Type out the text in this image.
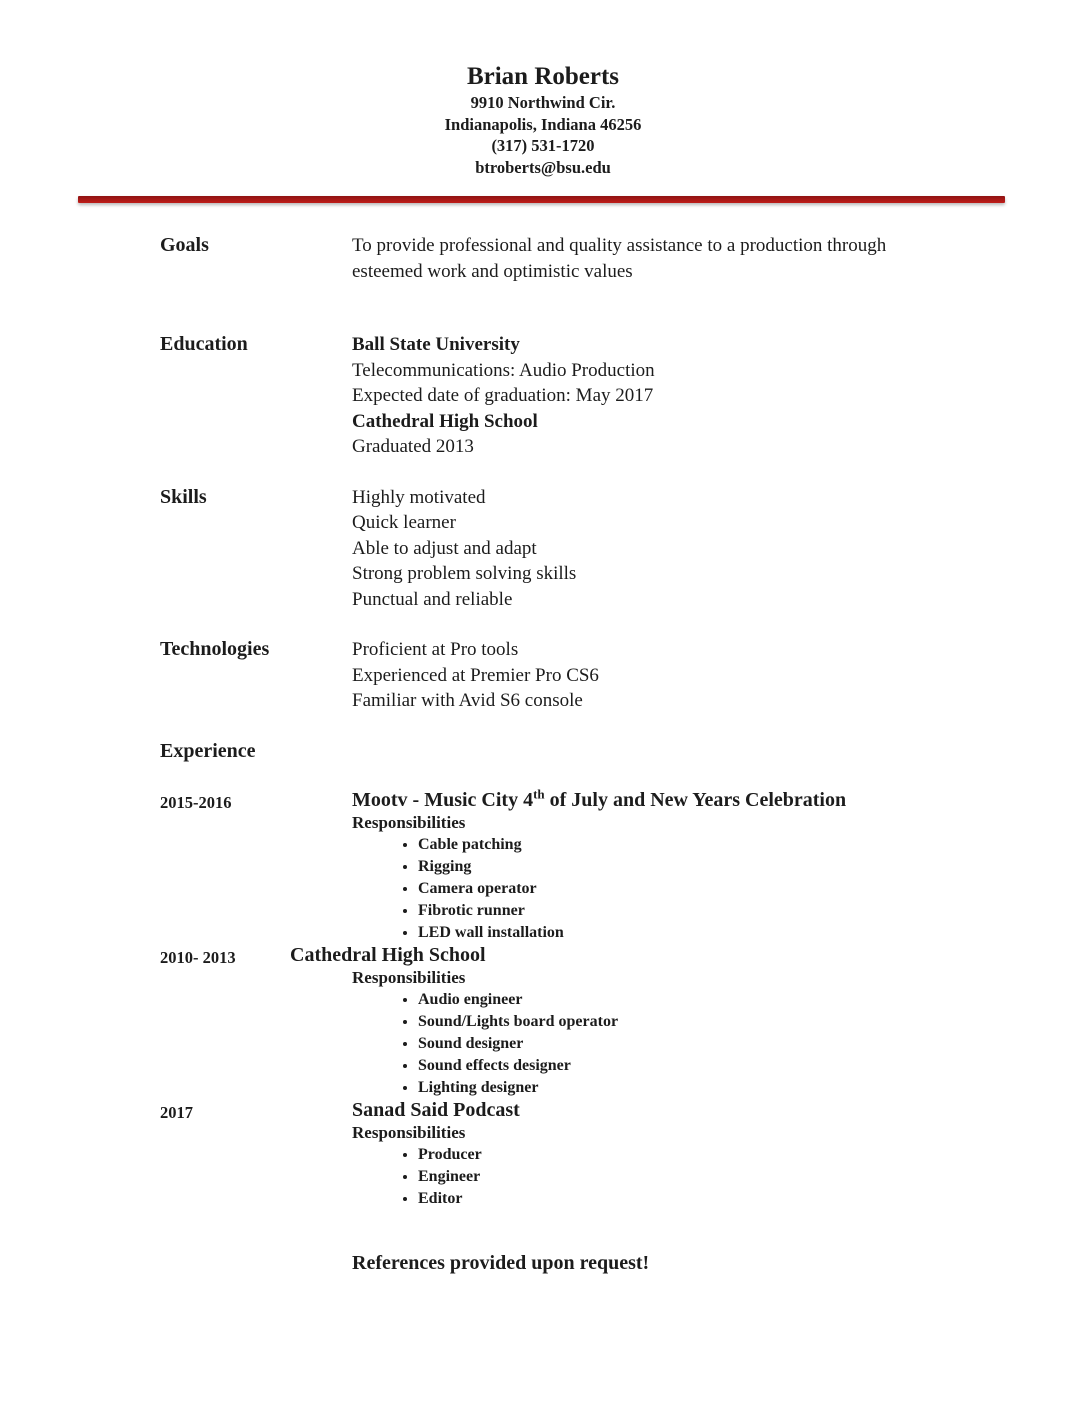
Brian Roberts
9910 Northwind Cir.
Indianapolis, Indiana 46256
(317) 531-1720
btroberts@bsu.edu
Goals	To provide professional and quality assistance to a production through esteemed work and optimistic values
Education	Ball State University
Telecommunications: Audio Production
Expected date of graduation: May 2017
Cathedral High School
Graduated 2013
Skills	Highly motivated
Quick learner
Able to adjust and adapt
Strong problem solving skills
Punctual and reliable
Technologies	Proficient at Pro tools
Experienced at Premier Pro CS6
Familiar with Avid S6 console
Experience
2015-2016	Mootv - Music City 4th of July and New Years Celebration
Responsibilities
• Cable patching
• Rigging
• Camera operator
• Fibrotic runner
• LED wall installation
2010- 2013	Cathedral High School
Responsibilities
• Audio engineer
• Sound/Lights board operator
• Sound designer
• Sound effects designer
• Lighting designer
2017	Sanad Said Podcast
Responsibilities
• Producer
• Engineer
• Editor
References provided upon request!
